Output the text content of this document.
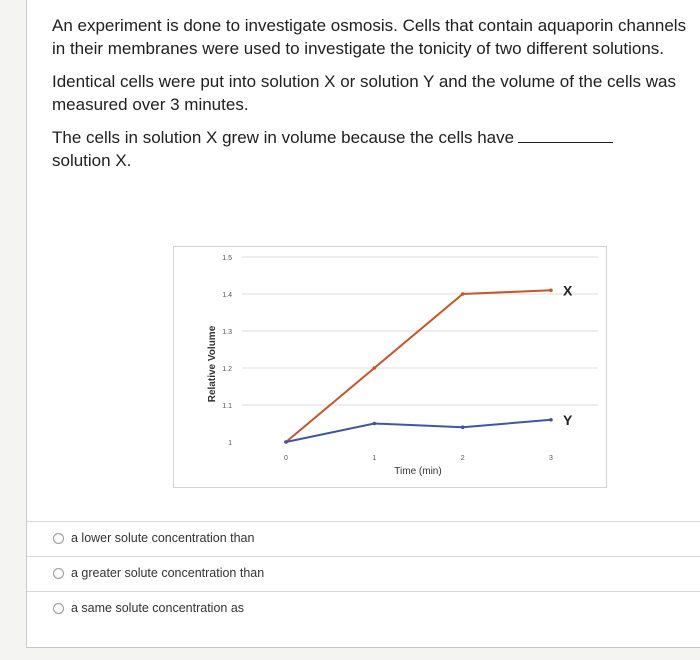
An experiment is done to investigate osmosis. Cells that contain aquaporin channels in their membranes were used to investigate the tonicity of two different solutions.

Identical cells were put into solution X or solution Y and the volume of the cells was measured over 3 minutes.

The cells in solution X grew in volume because the cells have
solution X.

1
1.1
1.2
1.3
1.4
1.5
0	1	2	3
Time (min)
Relative Volume
X
Y
a lower solute concentration than
a greater solute concentration than
a same solute concentration as
